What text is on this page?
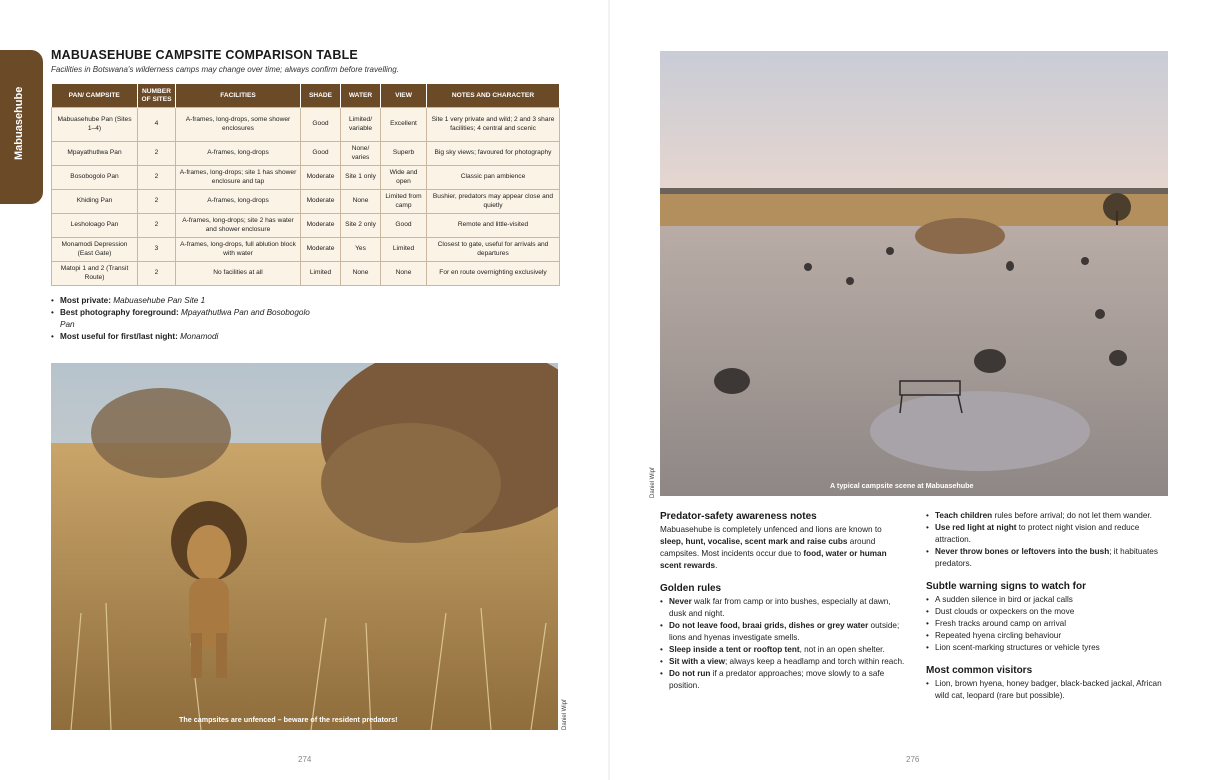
Mabuasehube
MABUASEHUBE CAMPSITE COMPARISON TABLE
Facilities in Botswana's wilderness camps may change over time; always confirm before travelling.
PAN/ CAMPSITE	NUMBER OF SITES	FACILITIES	SHADE	WATER	VIEW	NOTES AND CHARACTER
Mabuasehube Pan (Sites 1–4)	4	A-frames, long-drops, some shower enclosures	Good	Limited/ variable	Excellent	Site 1 very private and wild; 2 and 3 share facilities; 4 central and scenic
Mpayathutlwa Pan	2	A-frames, long-drops	Good	None/ varies	Superb	Big sky views; favoured for photography
Bosobogolo Pan	2	A-frames, long-drops; site 1 has shower enclosure and tap	Moderate	Site 1 only	Wide and open	Classic pan ambience
Khiding Pan	2	A-frames, long-drops	Moderate	None	Limited from camp	Bushier, predators may appear close and quietly
Lesholoago Pan	2	A-frames, long-drops; site 2 has water and shower enclosure	Moderate	Site 2 only	Good	Remote and little-visited
Monamodi Depression (East Gate)	3	A-frames, long-drops, full ablution block with water	Moderate	Yes	Limited	Closest to gate, useful for arrivals and departures
Matopi 1 and 2 (Transit Route)	2	No facilities at all	Limited	None	None	For en route overnighting exclusively
• Most private: Mabuasehube Pan Site 1
• Best photography foreground: Mpayathutlwa Pan and Bosobogolo Pan
• Most useful for first/last night: Monamodi
The campsites are unfenced – beware of the resident predators!	Daniel Wipf
274
A typical campsite scene at Mabuasehube
Daniel Wipf
Predator-safety awareness notes

Mabuasehube is completely unfenced and lions are known to sleep, hunt, vocalise, scent mark and raise cubs around campsites. Most incidents occur due to food, water or human scent rewards.

Golden rules
• Never walk far from camp or into bushes, especially at dawn, dusk and night.
• Do not leave food, braai grids, dishes or grey water outside; lions and hyenas investigate smells.
• Sleep inside a tent or rooftop tent, not in an open shelter.
• Sit with a view; always keep a headlamp and torch within reach.
• Do not run if a predator approaches; move slowly to a safe position.
• Teach children rules before arrival; do not let them wander.
• Use red light at night to protect night vision and reduce attraction.
• Never throw bones or leftovers into the bush; it habituates predators.
Subtle warning signs to watch for
• A sudden silence in bird or jackal calls
• Dust clouds or oxpeckers on the move
• Fresh tracks around camp on arrival
• Repeated hyena circling behaviour
• Lion scent-marking structures or vehicle tyres
Most common visitors
• Lion, brown hyena, honey badger, black-backed jackal, African wild cat, leopard (rare but possible).
276
